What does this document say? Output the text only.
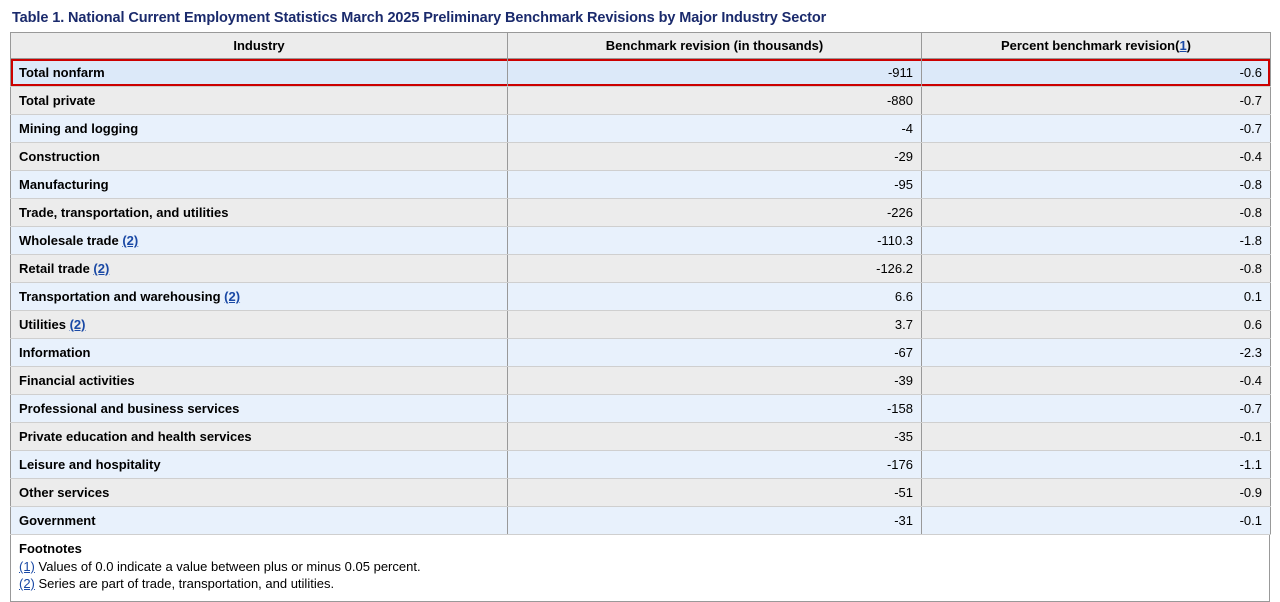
Table 1. National Current Employment Statistics March 2025 Preliminary Benchmark Revisions by Major Industry Sector
Industry	Benchmark revision (in thousands)	Percent benchmark revision(1)
Total nonfarm	-911	-0.6
Total private	-880	-0.7
Mining and logging	-4	-0.7
Construction	-29	-0.4
Manufacturing	-95	-0.8
Trade, transportation, and utilities	-226	-0.8
Wholesale trade (2)	-110.3	-1.8
Retail trade (2)	-126.2	-0.8
Transportation and warehousing (2)	6.6	0.1
Utilities (2)	3.7	0.6
Information	-67	-2.3
Financial activities	-39	-0.4
Professional and business services	-158	-0.7
Private education and health services	-35	-0.1
Leisure and hospitality	-176	-1.1
Other services	-51	-0.9
Government	-31	-0.1
Footnotes
(1) Values of 0.0 indicate a value between plus or minus 0.05 percent.
(2) Series are part of trade, transportation, and utilities.
